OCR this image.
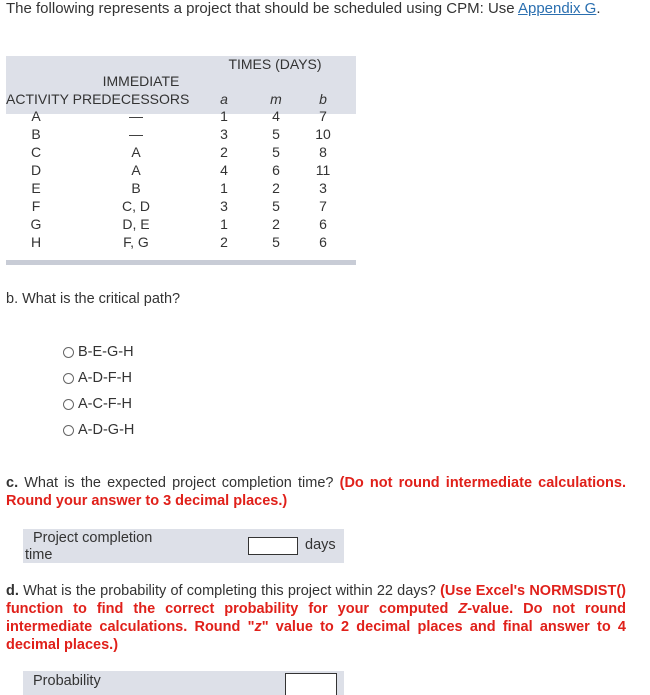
The following represents a project that should be scheduled using CPM: Use Appendix G.
TIMES (DAYS)
IMMEDIATE
ACTIVITY PREDECESSORS	a	m	b
A	—	1	4	7
B	—	3	5	10
C	A	2	5	8
D	A	4	6	11
E	B	1	2	3
F	C, D	3	5	7
G	D, E	1	2	6
H	F, G	2	5	6
b. What is the critical path?
B-E-G-H
A-D-F-H
A-C-F-H
A-D-G-H
c. What is the expected project completion time? (Do not round intermediate calculations. Round your answer to 3 decimal places.)
Project completion
time
days
d. What is the probability of completing this project within 22 days? (Use Excel's NORMSDIST() function to find the correct probability for your computed Z-value. Do not round intermediate calculations. Round "z" value to 2 decimal places and final answer to 4 decimal places.)
Probability
